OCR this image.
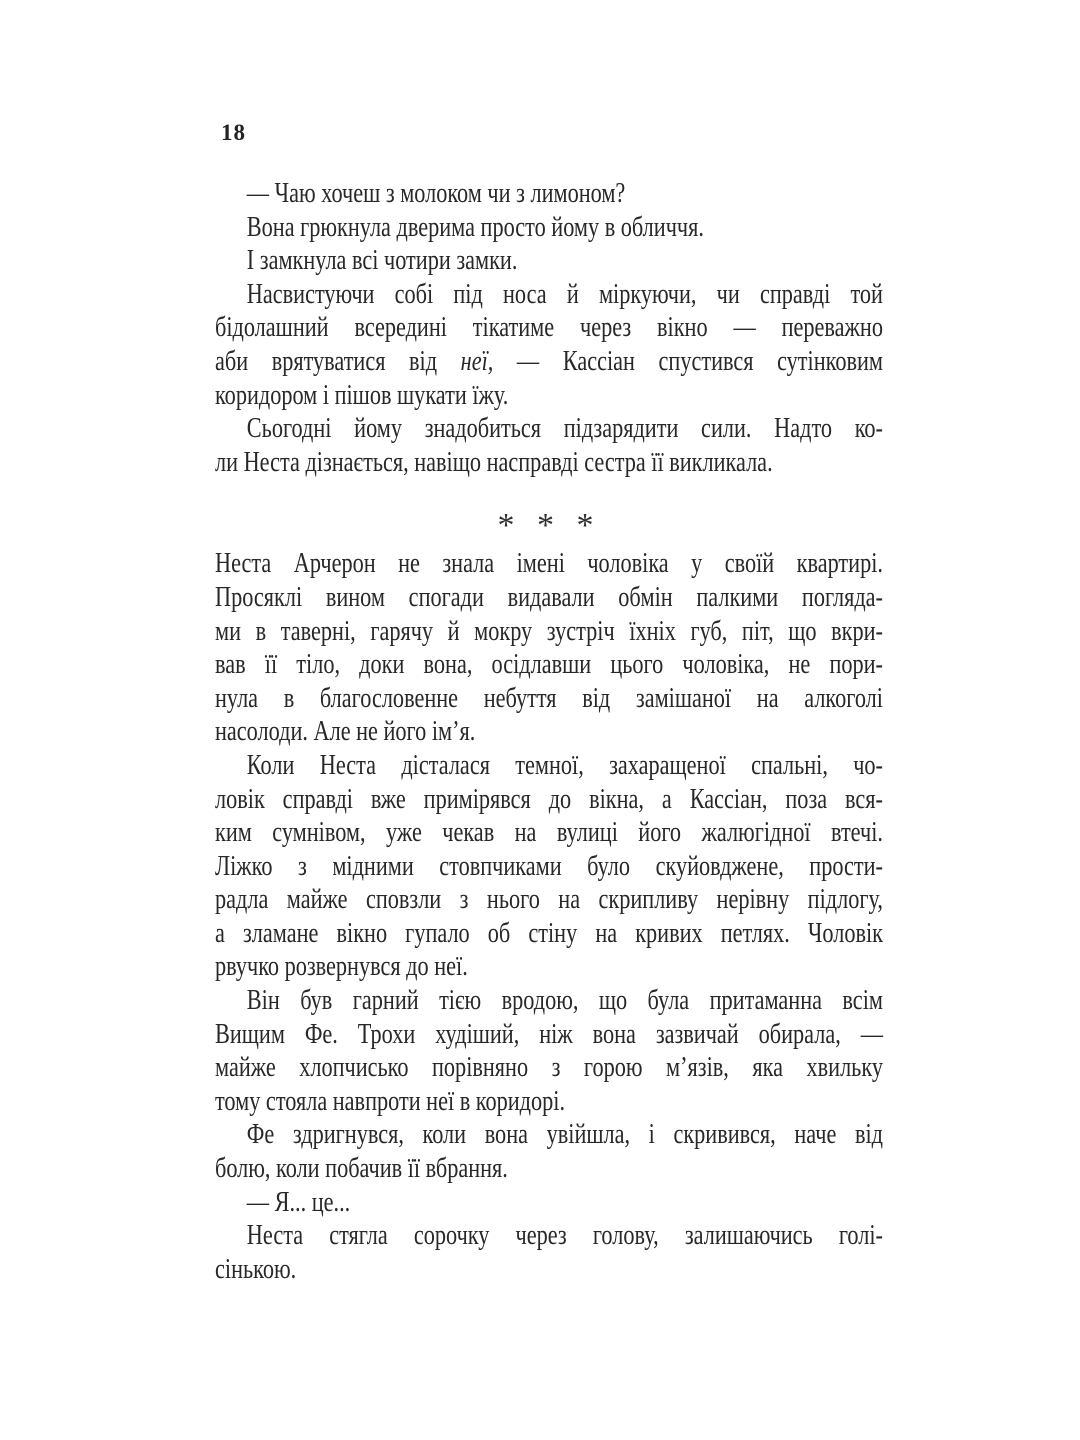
18
— Чаю хочеш з молоком чи з лимоном?
Вона грюкнула дверима просто йому в обличчя.
І замкнула всі чотири замки.
Насвистуючи собі під носа й міркуючи, чи справді той
бідолашний всередині тікатиме через вікно — переважно
аби врятуватися від неї, — Кассіан спустився сутінковим
коридором і пішов шукати їжу.
Сьогодні йому знадобиться підзарядити сили. Надто ко-
ли Неста дізнається, навіщо насправді сестра її викликала.
* * *
Неста Арчерон не знала імені чоловіка у своїй квартирі.
Просяклі вином спогади видавали обмін палкими погляда-
ми в таверні, гарячу й мокру зустріч їхніх губ, піт, що вкри-
вав її тіло, доки вона, осідлавши цього чоловіка, не пори-
нула в благословенне небуття від замішаної на алкоголі
насолоди. Але не його ім’я.
Коли Неста дісталася темної, захаращеної спальні, чо-
ловік справді вже примірявся до вікна, а Кассіан, поза вся-
ким сумнівом, уже чекав на вулиці його жалюгідної втечі.
Ліжко з мідними стовпчиками було скуйовджене, прости-
радла майже сповзли з нього на скрипливу нерівну підлогу,
а зламане вікно гупало об стіну на кривих петлях. Чоловік
рвучко розвернувся до неї.
Він був гарний тією вродою, що була притаманна всім
Вищим Фе. Трохи худіший, ніж вона зазвичай обирала, —
майже хлопчисько порівняно з горою м’язів, яка хвильку
тому стояла навпроти неї в коридорі.
Фе здригнувся, коли вона увійшла, і скривився, наче від
болю, коли побачив її вбрання.
— Я... це...
Неста стягла сорочку через голову, залишаючись голі-
сінькою.
